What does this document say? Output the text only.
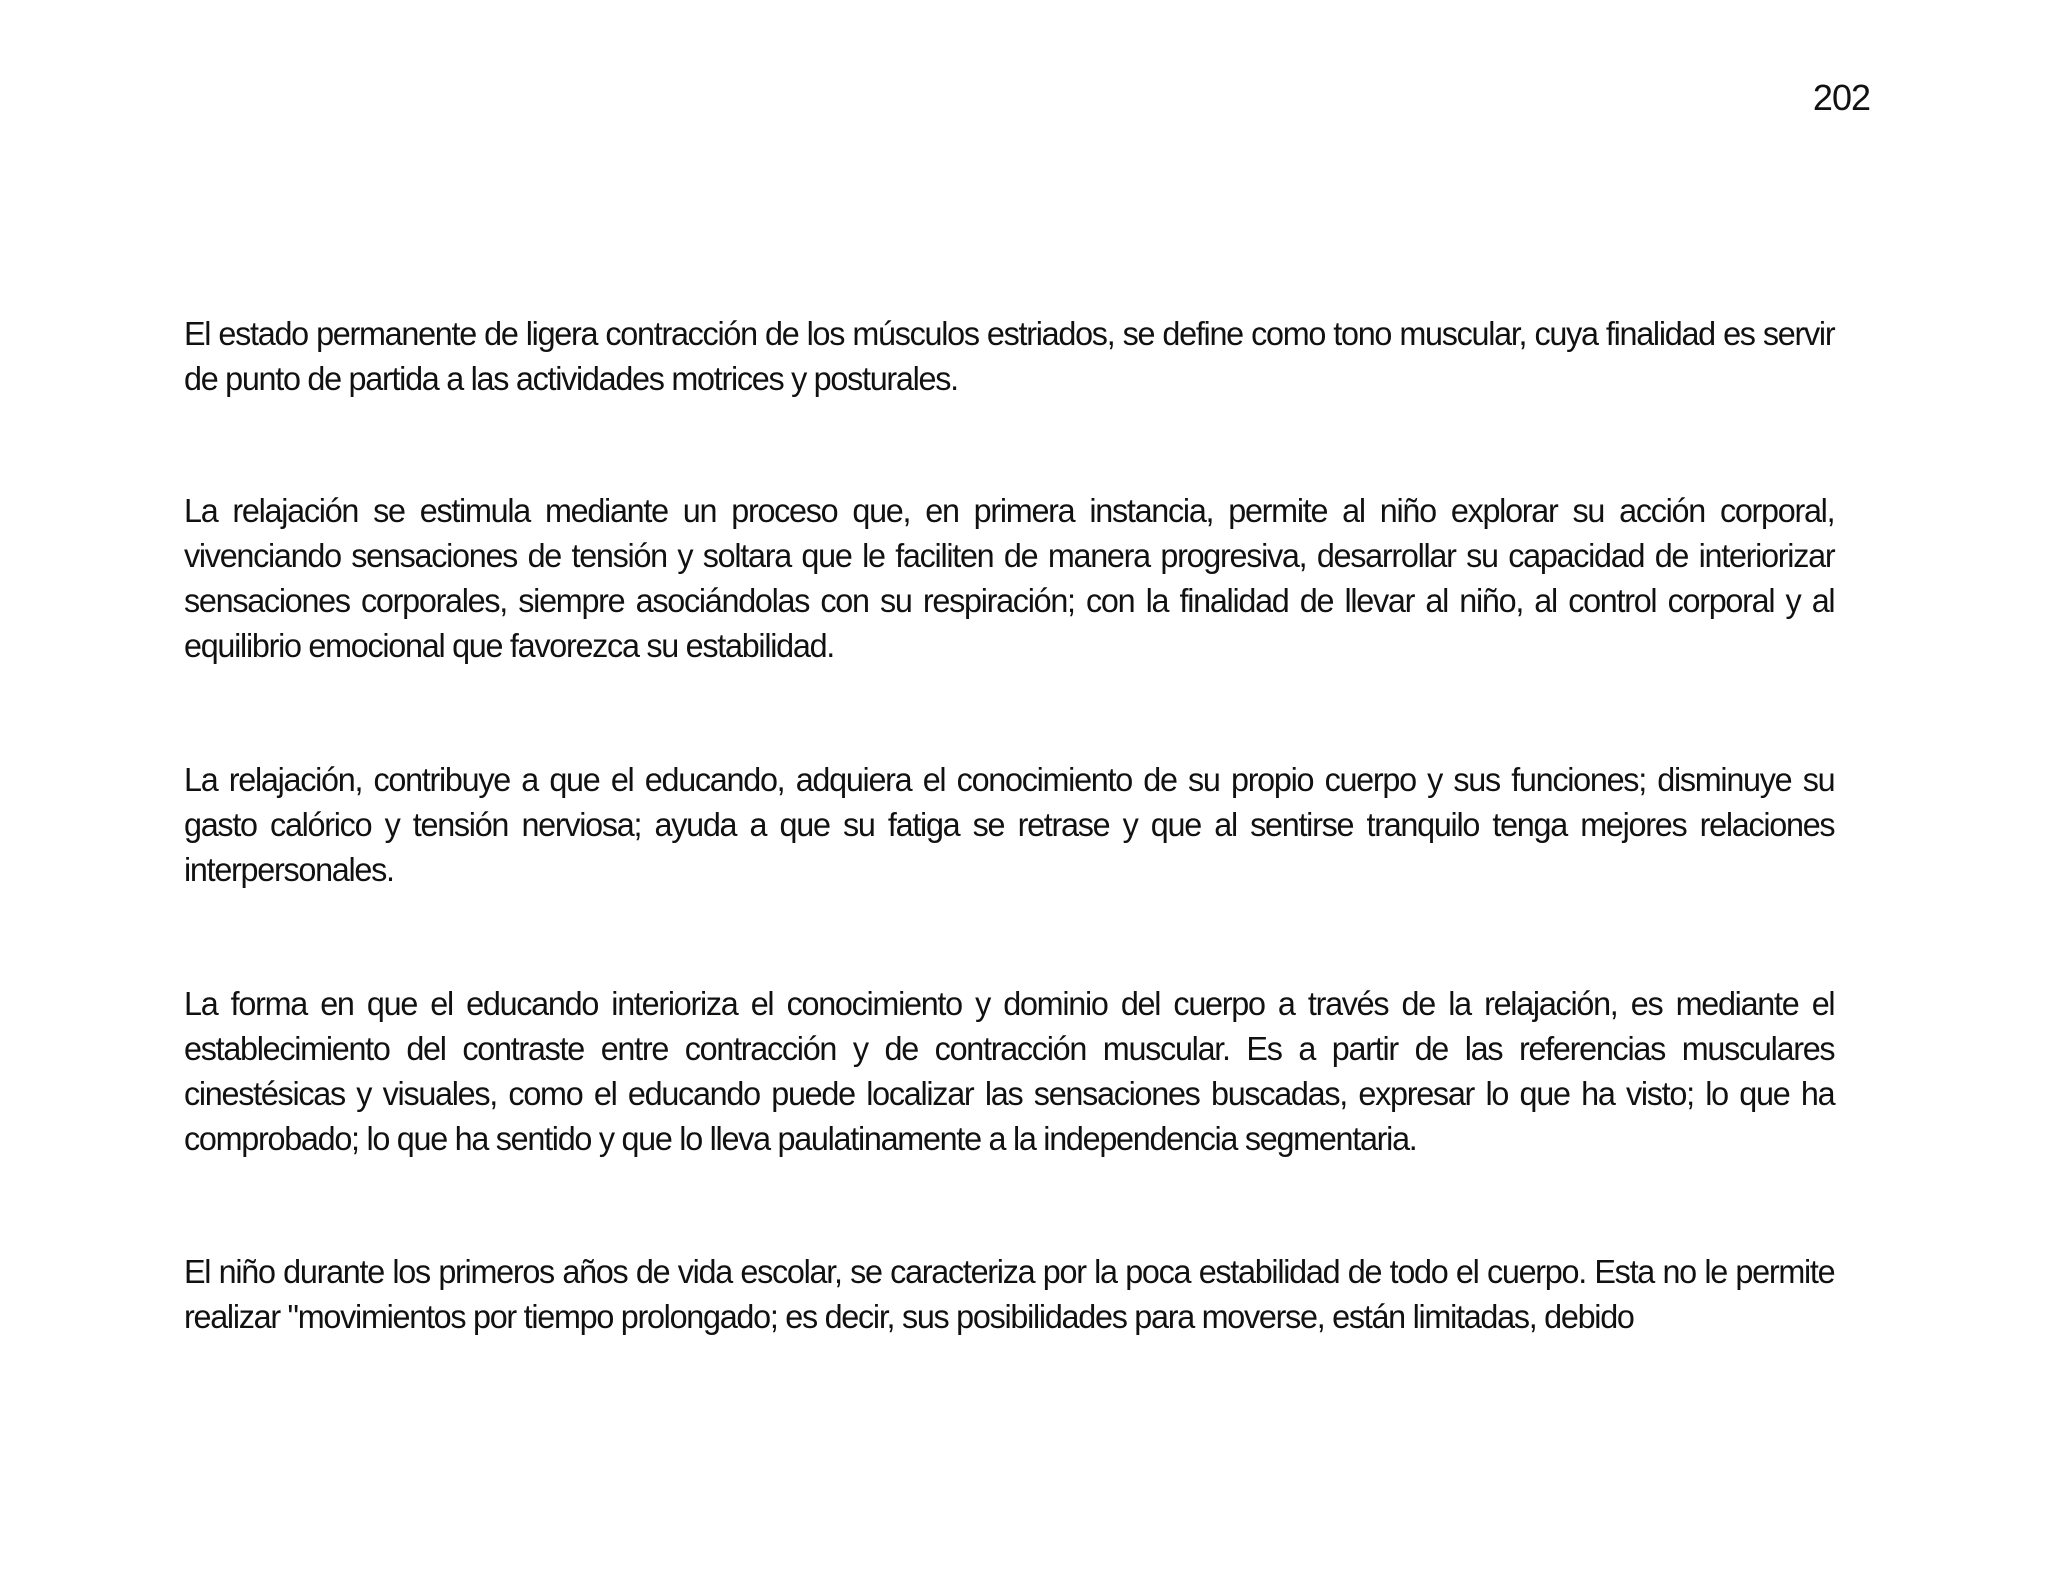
202

El estado permanente de ligera contracción de los músculos estriados, se define como tono muscular, cuya finalidad es servir de punto de partida a las actividades motrices y posturales.

La relajación se estimula mediante un proceso que, en primera instancia, permite al niño explorar su acción corporal, vivenciando sensaciones de tensión y soltara que le faciliten de manera progresiva, desarrollar su capacidad de interiorizar sensaciones corporales, siempre asociándolas con su respiración; con la finalidad de llevar al niño, al control corporal y al equilibrio emocional que favorezca su estabilidad.

La relajación, contribuye a que el educando, adquiera el conocimiento de su propio cuerpo y sus funciones; disminuye su gasto calórico y tensión nerviosa; ayuda a que su fatiga se retrase y que al sentirse tranquilo tenga mejores relaciones interpersonales.

La forma en que el educando interioriza el conocimiento y dominio del cuerpo a través de la relajación, es mediante el establecimiento del contraste entre contracción y de contracción muscular. Es a partir de las referencias musculares cinestésicas y visuales, como el educando puede localizar las sensaciones buscadas, expresar lo que ha visto; lo que ha comprobado; lo que ha sentido y que lo lleva paulatinamente a la independencia segmentaria.

El niño durante los primeros años de vida escolar, se caracteriza por la poca estabilidad de todo el cuerpo. Esta no le permite realizar "movimientos por tiempo prolongado; es decir, sus posibilidades para moverse, están limitadas, debido
